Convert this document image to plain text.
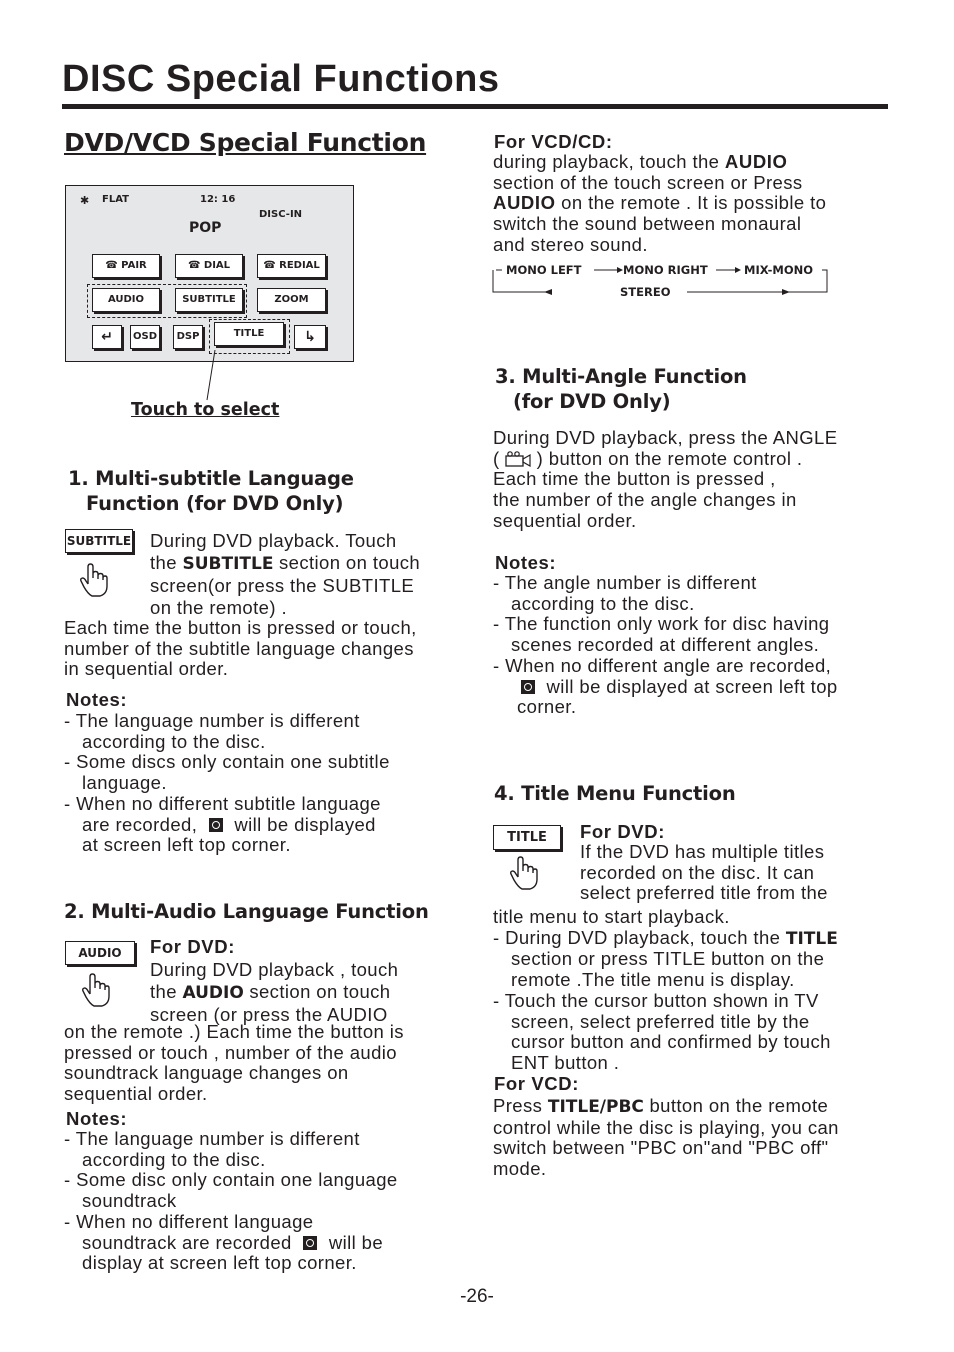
DISC Special Functions
DVD/VCD Special Function
✱ FLAT	12: 16
DISC-IN
POP
☎ PAIR	☎ DIAL	☎ REDIAL
AUDIO	SUBTITLE	ZOOM
↵	OSD	DSP	TITLE	↳
Touch to select
1. Multi-subtitle Language
Function (for DVD Only)
SUBTITLE During DVD playback. Touch
the SUBTITLE section on touch
screen(or press the SUBTITLE
on the remote) .
Each time the button is pressed or touch,
number of the subtitle language changes
in sequential order.
Notes:
- The language number is different
according to the disc.
- Some discs only contain one subtitle
language.
- When no different subtitle language
are recorded, will be displayed
at screen left top corner.
2. Multi-Audio Language Function
AUDIO	For DVD:
During DVD playback , touch
the AUDIO section on touch
screen (or press the AUDIO
on the remote .) Each time the button is
pressed or touch , number of the audio
soundtrack language changes on
sequential order.
Notes:
- The language number is different
according to the disc.
- Some disc only contain one language
soundtrack
- When no different language
soundtrack are recorded will be
display at screen left top corner.
For VCD/CD:
during playback, touch the AUDIO
section of the touch screen or Press
AUDIO on the remote . It is possible to
switch the sound between monaural
and stereo sound.
MONO LEFT	MONO RIGHT	MIX-MONO
STEREO
3. Multi-Angle Function
(for DVD Only)
During DVD playback, press the ANGLE
( ) button on the remote control .
Each time the button is pressed ,
the number of the angle changes in
sequential order.
Notes:
- The angle number is different
according to the disc.
- The function only work for disc having
scenes recorded at different angles.
- When no different angle are recorded,
will be displayed at screen left top
corner.
4. Title Menu Function
TITLE	For DVD:
If the DVD has multiple titles
recorded on the disc. It can
select preferred title from the
title menu to start playback.
- During DVD playback, touch the TITLE
section or press TITLE button on the
remote .The title menu is display.
- Touch the cursor button shown in TV
screen, select preferred title by the
cursor button and confirmed by touch
ENT button .
For VCD:
Press TITLE/PBC button on the remote
control while the disc is playing, you can
switch between "PBC on"and "PBC off"
mode.
-26-
